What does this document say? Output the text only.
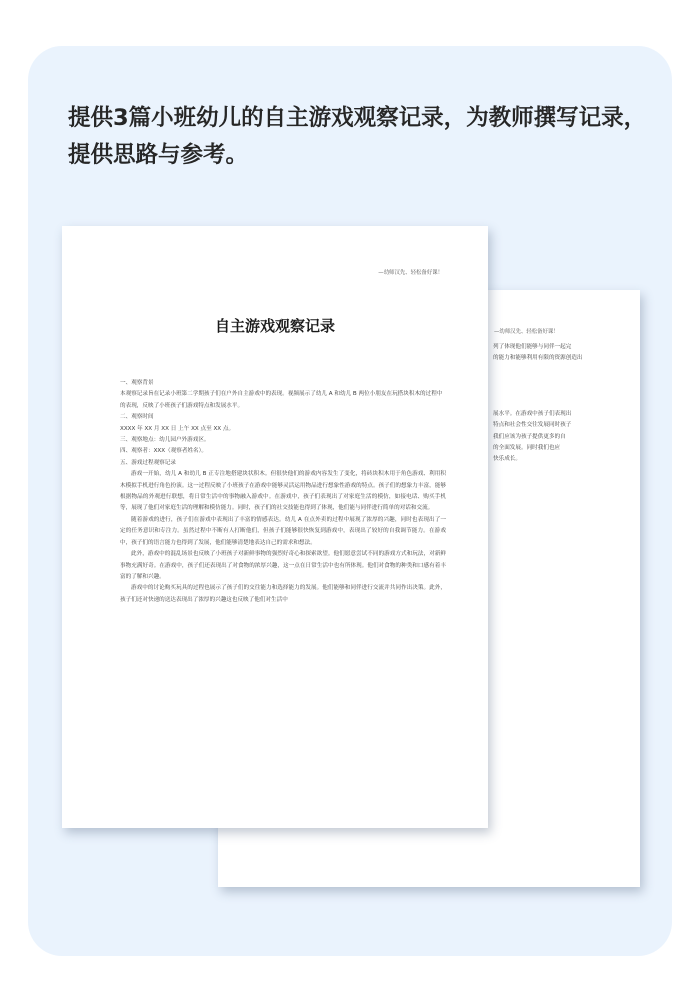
提供3篇小班幼儿的自主游戏观察记录，为教师撰写记录，提供思路与参考。

—幼师汉先、轻松备好课！
列了体现他们能够与同伴一起完
的能力和能够利用有限的资源创造出
展水平。在游戏中孩子们表现出
特点和社会性交往发展同时孩子
我们应该为孩子提供更多的自
的全面发展。同时我们也应
快乐成长。
—幼师汉先、轻松备好课！
自主游戏观察记录

一、观察背景

本观察记录旨在记录小班第二学期孩子们在户外自主游戏中的表现。视频展示了幼儿 A 和幼儿 B 两位小朋友在玩搭块积木的过程中的表现，反映了小班孩子们游戏特点和发展水平。

二、观察时间

XXXX 年 XX 月 XX 日 上午 XX 点至 XX 点。

三、观察地点：幼儿园户外游戏区。

四、观察者：XXX（观察者姓名）。

五、游戏过程观察记录

游戏一开始，幼儿 A 和幼儿 B 正专注地搭建块状积木。但很快他们的游戏内容发生了变化，将砖块积木用于角色游戏、利用积木模拟手机进行角色扮演。这一过程反映了小班孩子在游戏中能够灵活运用物品进行想象性游戏的特点。孩子们的想象力丰富，能够根据物品的外观进行联想，将日常生活中的事物融入游戏中。在游戏中，孩子们表现出了对家庭生活的模仿，如接电话、购买手机等，展现了他们对家庭生活的理解和模仿能力。同时，孩子们的社交技能也得到了体现，他们能与同伴进行简单的对话和交流。

随着游戏的进行，孩子们在游戏中表现出了丰富的情感表达。幼儿 A 在点外卖的过程中展现了浓厚的兴趣，同时也表现出了一定的任务意识和专注力。虽然过程中不断有人打断他们，但孩子们能够很快恢复到游戏中，表现出了较好的自我调节能力。在游戏中，孩子们的语言能力也得到了发展，他们能够清楚地表达自己的需求和想法。

此外，游戏中的混乱场景也反映了小班孩子对新鲜事物的强烈好奇心和探索欲望。他们愿意尝试不同的游戏方式和玩法，对新鲜事物充满好奇。在游戏中，孩子们还表现出了对食物的浓厚兴趣，这一点在日常生活中也有所体现。他们对食物的种类和口感有着丰富的了解和兴趣。

游戏中的讨论购买玩具的过程也展示了孩子们的交往能力和选择能力的发展。他们能够和同伴进行交流并共同作出决策。此外，孩子们还对快递的送达表现出了浓厚的兴趣这也反映了他们对生活中
